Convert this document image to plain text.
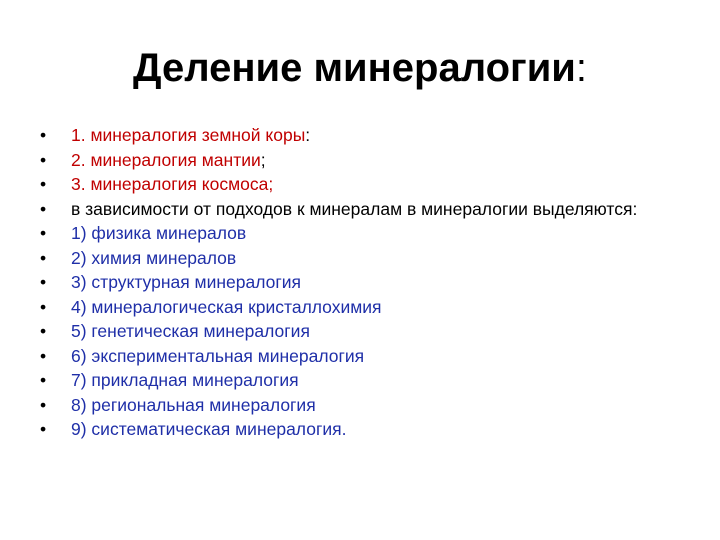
Деление минералогии:
• 1. минералогия земной коры:
• 2. минералогия мантии;
• 3. минералогия космоса;
• в зависимости от подходов к минералам в минералогии выделяются:
• 1) физика минералов
• 2) химия минералов
• 3) структурная минералогия
• 4) минералогическая кристаллохимия
• 5) генетическая минералогия
• 6) экспериментальная минералогия
• 7) прикладная минералогия
• 8) региональная минералогия
• 9) систематическая минералогия.
